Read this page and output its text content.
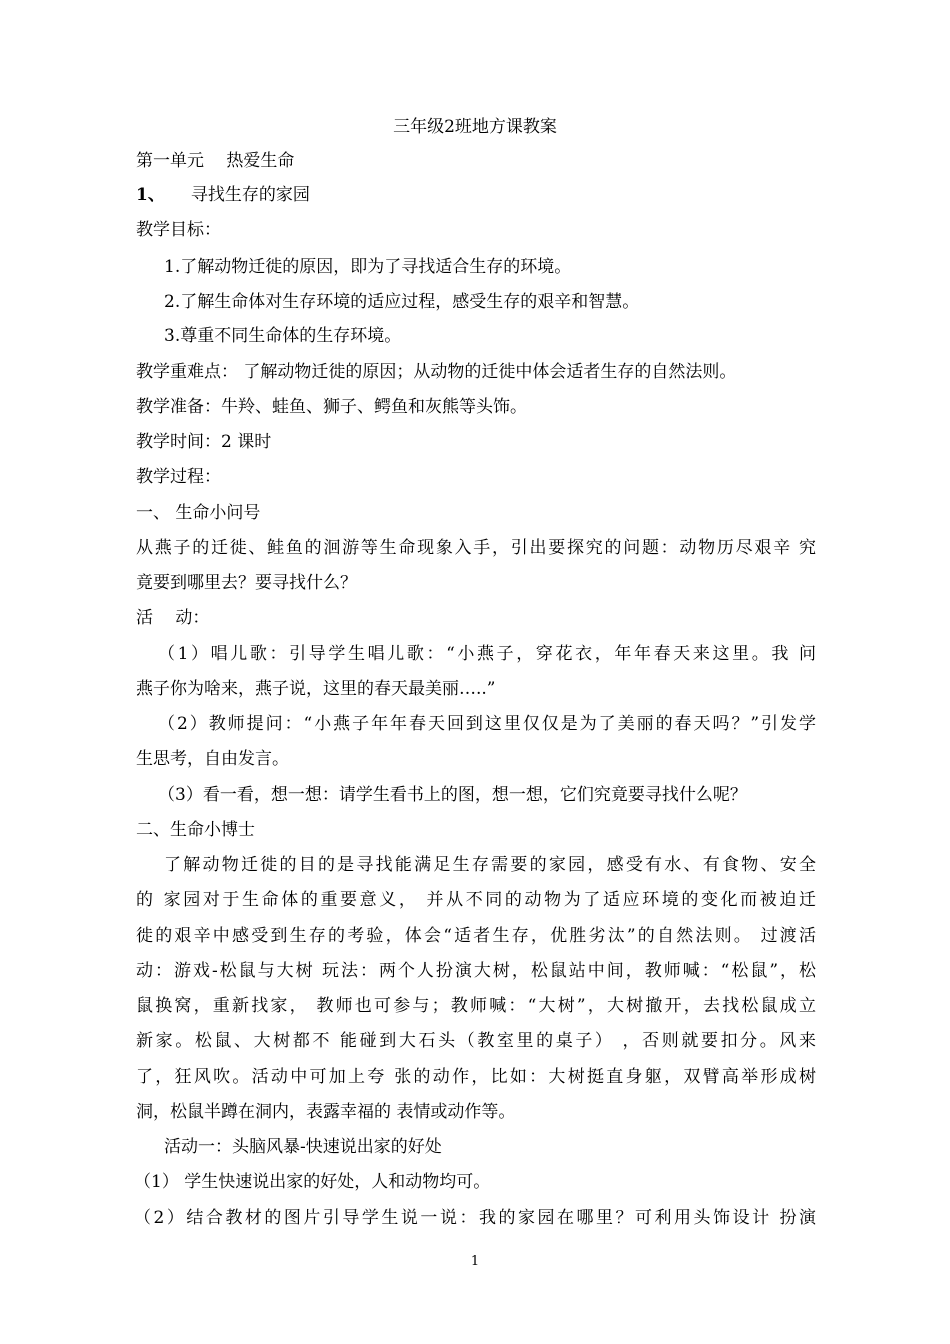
三年级2班地方课教案
第一单元　 热爱生命
1、 寻找生存的家园
教学目标：
1.了解动物迁徙的原因，即为了寻找适合生存的环境。
2.了解生命体对生存环境的适应过程，感受生存的艰辛和智慧。
3.尊重不同生命体的生存环境。
教学重难点： 了解动物迁徙的原因；从动物的迁徙中体会适者生存的自然法则。
教学准备：牛羚、蛙鱼、狮子、鳄鱼和灰熊等头饰。
教学时间：2 课时
教学过程：
一、 生命小问号
从燕子的迁徙、鲑鱼的洄游等生命现象入手，引出要探究的问题：动物历尽艰辛 究
竟要到哪里去？要寻找什么？
活　 动：
（1）唱儿歌：引导学生唱儿歌：“小燕子，穿花衣，年年春天来这里。我 问
燕子你为啥来，燕子说，这里的春天最美丽…..”
（2）教师提问：“小燕子年年春天回到这里仅仅是为了美丽的春天吗？”引发学
生思考，自由发言。
（3）看一看，想一想：请学生看书上的图，想一想，它们究竟要寻找什么呢？
二、生命小博士
了解动物迁徙的目的是寻找能满足生存需要的家园，感受有水、有食物、安全
的 家园对于生命体的重要意义， 并从不同的动物为了适应环境的变化而被迫迁
徙的艰辛中感受到生存的考验，体会“适者生存，优胜劣汰”的自然法则。 过渡活
动：游戏-松鼠与大树 玩法：两个人扮演大树，松鼠站中间，教师喊：“松鼠”，松
鼠换窝，重新找家， 教师也可参与；教师喊：“大树”，大树撤开，去找松鼠成立
新家。松鼠、大树都不 能碰到大石头（教室里的桌子） ，否则就要扣分。风来
了，狂风吹。活动中可加上夸 张的动作，比如：大树挺直身躯，双臂高举形成树
洞，松鼠半蹲在洞内，表露幸福的 表情或动作等。
活动一：头脑风暴-快速说出家的好处
（1） 学生快速说出家的好处，人和动物均可。
（2）结合教材的图片引导学生说一说：我的家园在哪里？可利用头饰设计 扮演
1
